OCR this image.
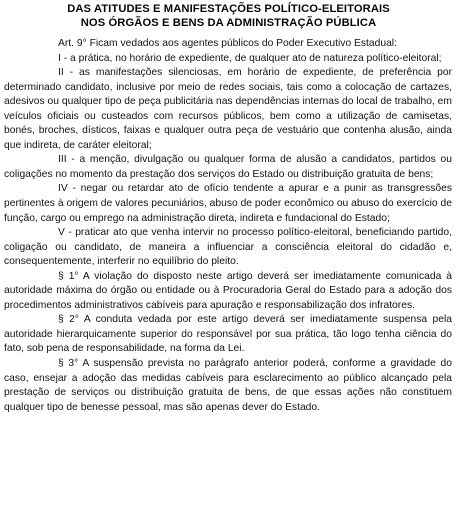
DAS ATITUDES E MANIFESTAÇÕES POLÍTICO-ELEITORAIS
NOS ÓRGÃOS E BENS DA ADMINISTRAÇÃO PÚBLICA

Art. 9° Ficam vedados aos agentes públicos do Poder Executivo Estadual:

I - a prática, no horário de expediente, de qualquer ato de natureza político-eleitoral;

II - as manifestações silenciosas, em horário de expediente, de preferência por determinado candidato, inclusive por meio de redes sociais, tais como a colocação de cartazes, adesivos ou qualquer tipo de peça publicitária nas dependências internas do local de trabalho, em veículos oficiais ou custeados com recursos públicos, bem como a utilização de camisetas, bonés, broches, dísticos, faixas e qualquer outra peça de vestuário que contenha alusão, ainda que indireta, de caráter eleitoral;

III - a menção, divulgação ou qualquer forma de alusão a candidatos, partidos ou coligações no momento da prestação dos serviços do Estado ou distribuição gratuita de bens;

IV - negar ou retardar ato de ofício tendente a apurar e a punir as transgressões pertinentes à origem de valores pecuniários, abuso de poder econômico ou abuso do exercício de função, cargo ou emprego na administração direta, indireta e fundacional do Estado;

V - praticar ato que venha intervir no processo político-eleitoral, beneficiando partido, coligação ou candidato, de maneira a influenciar a consciência eleitoral do cidadão e, consequentemente, interferir no equilíbrio do pleito.

§ 1° A violação do disposto neste artigo deverá ser imediatamente comunicada à autoridade máxima do órgão ou entidade ou à Procuradoria Geral do Estado para a adoção dos procedimentos administrativos cabíveis para apuração e responsabilização dos infratores.

§ 2° A conduta vedada por este artigo deverá ser imediatamente suspensa pela autoridade hierarquicamente superior do responsável por sua prática, tão logo tenha ciência do fato, sob pena de responsabilidade, na forma da Lei.

§ 3° A suspensão prevista no parágrafo anterior poderá, conforme a gravidade do caso, ensejar a adoção das medidas cabíveis para esclarecimento ao público alcançado pela prestação de serviços ou distribuição gratuita de bens, de que essas ações não constituem qualquer tipo de benesse pessoal, mas são apenas dever do Estado.
